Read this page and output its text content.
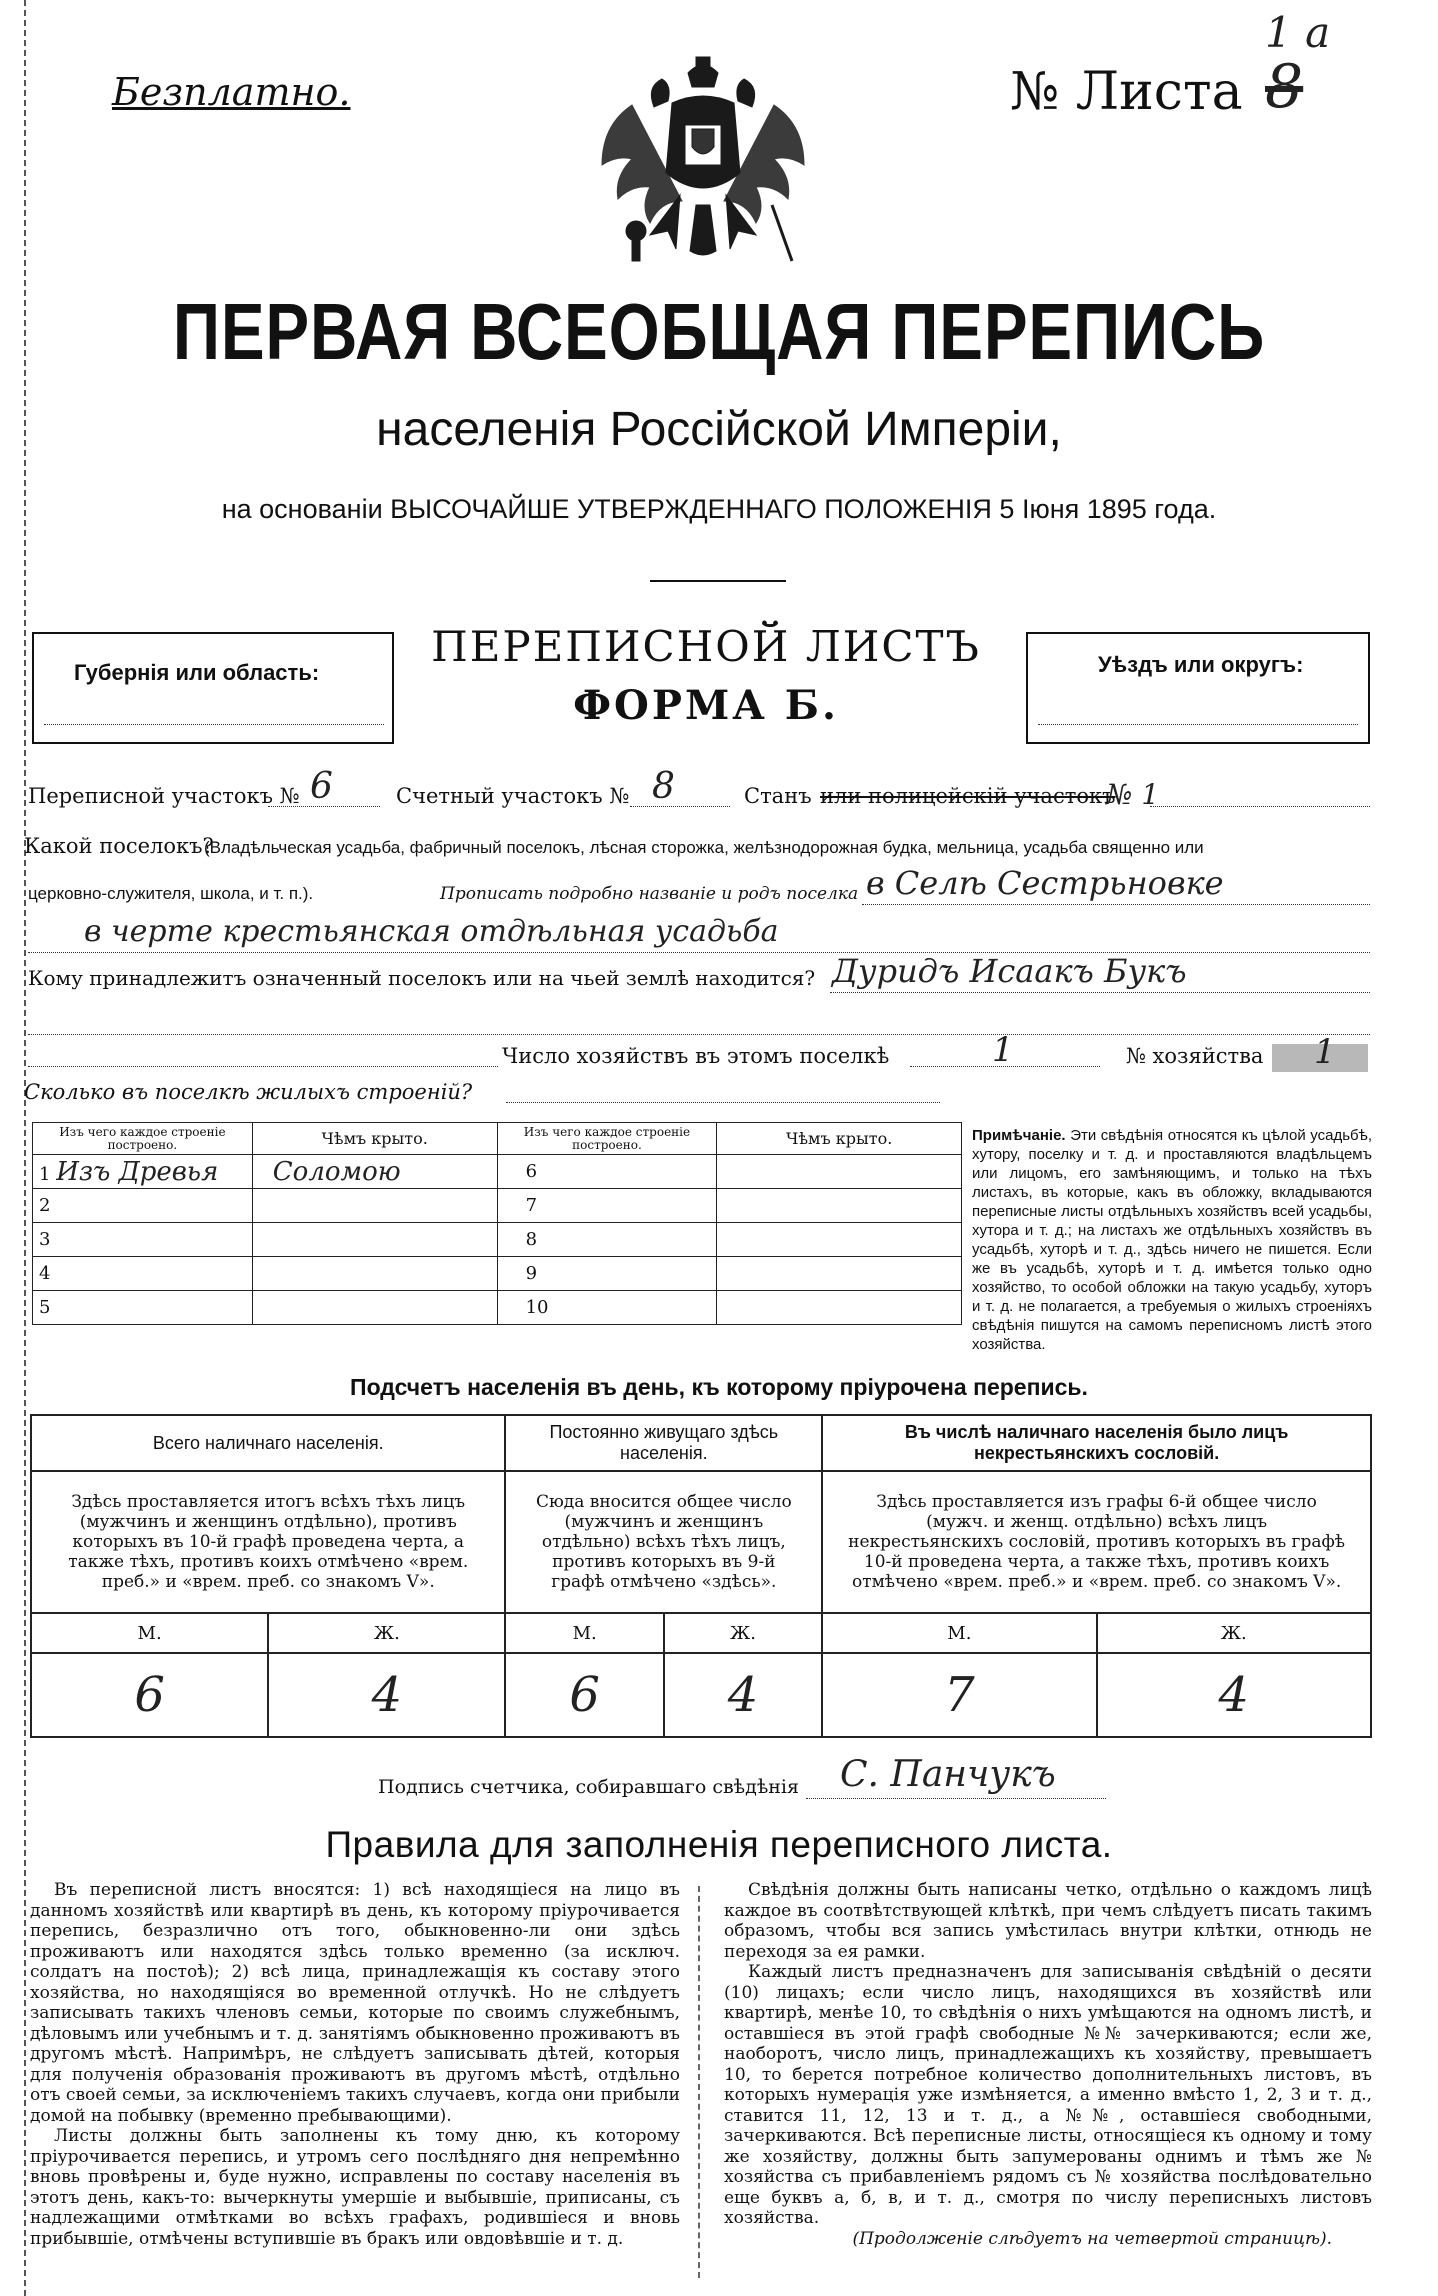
Безплатно.	№ Листа 8
1 а
ПЕРВАЯ ВСЕОБЩАЯ ПЕРЕПИСЬ
населенія Россійской Имперіи,
на основаніи ВЫСОЧАЙШЕ УТВЕРЖДЕННАГО ПОЛОЖЕНІЯ 5 Іюня 1895 года.
Губернія или область:
ПЕРЕПИСНОЙ ЛИСТЪ
ФОРМА Б.
Уѣздъ или округъ:
Переписной участокъ № 6	Счетный участокъ № 8	Станъ или полицейскій участокъ
№ 1
Какой поселокъ?
(Владѣльческая усадьба, фабричный поселокъ, лѣсная сторожка, желѣзнодорожная будка, мельница, усадьба священно или
церковно-служителя, школа, и т. п.).	Прописать подробно названіе и родъ поселка в Селѣ Сестрьновке
в черте крестьянская отдѣльная усадьба
Кому принадлежитъ означенный поселокъ или на чьей землѣ находится? Дуридъ Исаакъ Букъ
Число хозяйствъ въ этомъ поселкѣ	1	№ хозяйства 1
Сколько въ поселкѣ жилыхъ строеній?
Изъ чего каждое строеніе построено.	Чѣмъ крыто.	Изъ чего каждое строеніе построено.	Чѣмъ крыто.
1 Изъ Древья	Соломою	6	
2		7	
3		8	
4		9	
5		10	
Примѣчаніе. Эти свѣдѣнія относятся къ цѣлой усадьбѣ, хутору, поселку и т. д. и проставляются владѣльцемъ или лицомъ, его замѣняющимъ, и только на тѣхъ листахъ, въ которые, какъ въ обложку, вкладываются переписные листы отдѣльныхъ хозяйствъ всей усадьбы, хутора и т. д.; на листахъ же отдѣльныхъ хозяйствъ въ усадьбѣ, хуторѣ и т. д., здѣсь ничего не пишется. Если же въ усадьбѣ, хуторѣ и т. д. имѣется только одно хозяйство, то особой обложки на такую усадьбу, хуторъ и т. д. не полагается, а требуемыя о жилыхъ строеніяхъ свѣдѣнія пишутся на самомъ переписномъ листѣ этого хозяйства.
Подсчетъ населенія въ день, къ которому пріурочена перепись.
Всего наличнаго населенія.		Постоянно живущаго здѣсь населенія.		Въ числѣ наличнаго населенія было лицъ некрестьянскихъ сословій.	
Здѣсь проставляется итогъ всѣхъ тѣхъ лицъ (мужчинъ и женщинъ отдѣльно), противъ которыхъ въ 10-й графѣ проведена черта, а также тѣхъ, противъ коихъ отмѣчено «врем. преб.» и «врем. преб. со знакомъ V».		Сюда вносится общее число (мужчинъ и женщинъ отдѣльно) всѣхъ тѣхъ лицъ, противъ которыхъ въ 9-й графѣ отмѣчено «здѣсь».		Здѣсь проставляется изъ графы 6-й общее число (мужч. и женщ. отдѣльно) всѣхъ лицъ некрестьянскихъ сословій, противъ которыхъ въ графѣ 10-й проведена черта, а также тѣхъ, противъ коихъ отмѣчено «врем. преб.» и «врем. преб. со знакомъ V».	
М.	Ж.	М.	Ж.	М.	Ж.
6	4	6	4	7	4
Подпись счетчика, собиравшаго свѣдѣнія С. Панчукъ
Правила для заполненія переписного листа.

Въ переписной листъ вносятся: 1) всѣ находящіеся на лицо въ данномъ хозяйствѣ или квартирѣ въ день, къ которому пріурочивается перепись, безразлично отъ того, обыкновенно-ли они здѣсь проживаютъ или находятся здѣсь только временно (за исключ. солдатъ на постоѣ); 2) всѣ лица, принадлежащія къ составу этого хозяйства, но находящіяся во временной отлучкѣ. Но не слѣдуетъ записывать такихъ членовъ семьи, которые по своимъ служебнымъ, дѣловымъ или учебнымъ и т. д. занятіямъ обыкновенно проживаютъ въ другомъ мѣстѣ. Напримѣръ, не слѣдуетъ записывать дѣтей, которыя для полученія образованія проживаютъ въ другомъ мѣстѣ, отдѣльно отъ своей семьи, за исключеніемъ такихъ случаевъ, когда они прибыли домой на побывку (временно пребывающими).

Листы должны быть заполнены къ тому дню, къ которому пріурочивается перепись, и утромъ сего послѣдняго дня непремѣнно вновь провѣрены и, буде нужно, исправлены по составу населенія въ этотъ день, какъ-то: вычеркнуты умершіе и выбывшіе, приписаны, съ надлежащими отмѣтками во всѣхъ графахъ, родившіеся и вновь прибывшіе, отмѣчены вступившіе въ бракъ или овдовѣвшіе и т. д.

Свѣдѣнія должны быть написаны четко, отдѣльно о каждомъ лицѣ каждое въ соотвѣтствующей клѣткѣ, при чемъ слѣдуетъ писать такимъ образомъ, чтобы вся запись умѣстилась внутри клѣтки, отнюдь не переходя за ея рамки.

Каждый листъ предназначенъ для записыванія свѣдѣній о десяти (10) лицахъ; если число лицъ, находящихся въ хозяйствѣ или квартирѣ, менѣе 10, то свѣдѣнія о нихъ умѣщаются на одномъ листѣ, и оставшіеся въ этой графѣ свободные №№ зачеркиваются; если же, наоборотъ, число лицъ, принадлежащихъ къ хозяйству, превышаетъ 10, то берется потребное количество дополнительныхъ листовъ, въ которыхъ нумерація уже измѣняется, а именно вмѣсто 1, 2, 3 и т. д., ставится 11, 12, 13 и т. д., а №№, оставшіеся свободными, зачеркиваются. Всѣ переписные листы, относящіеся къ одному и тому же хозяйству, должны быть запумерованы однимъ и тѣмъ же № хозяйства съ прибавленіемъ рядомъ съ № хозяйства послѣдовательно еще буквъ а, б, в, и т. д., смотря по числу переписныхъ листовъ хозяйства.

(Продолженіе слѣдуетъ на четвертой страницѣ).
